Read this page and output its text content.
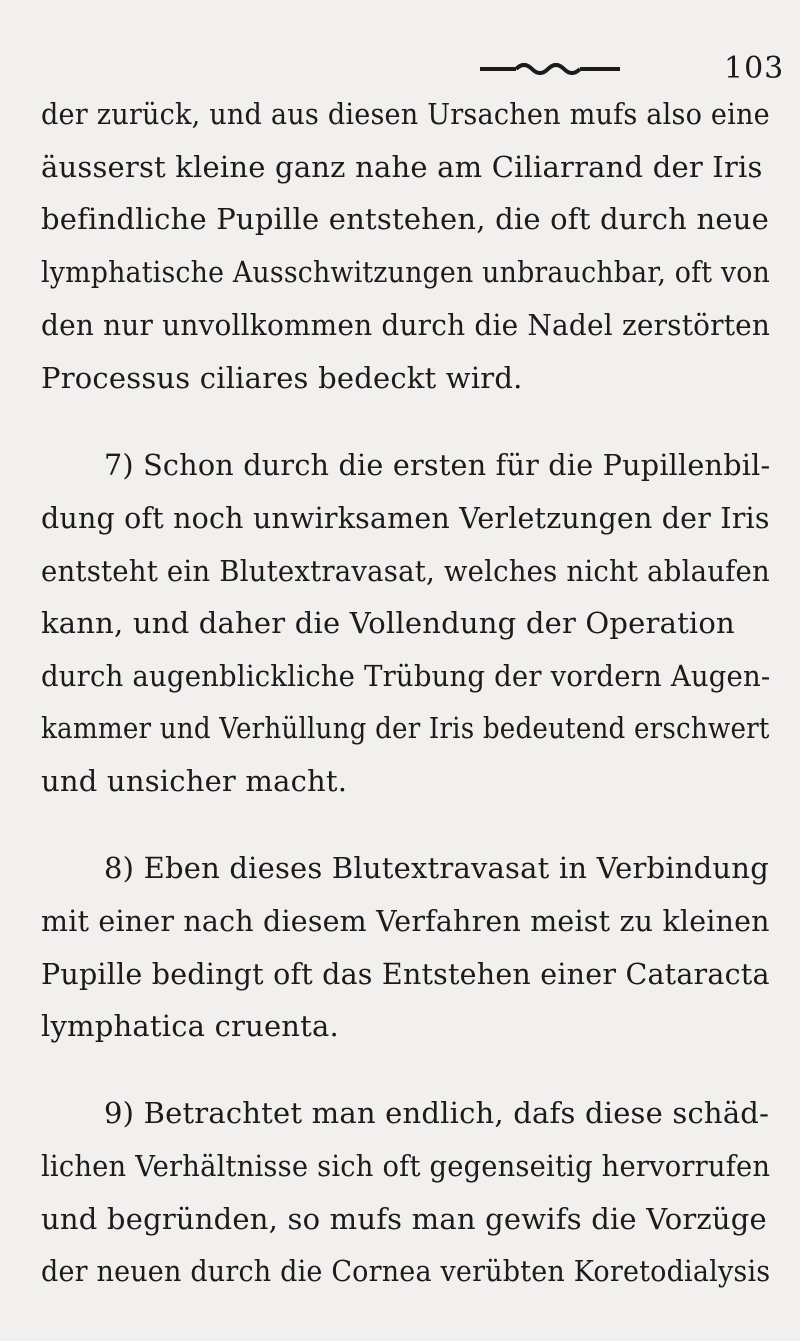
103
der zurück, und aus diesen Ursachen mufs also eine
äusserst kleine ganz nahe am Ciliarrand der Iris
befindliche Pupille entstehen, die oft durch neue
lymphatische Ausschwitzungen unbrauchbar, oft von
den nur unvollkommen durch die Nadel zerstörten
Processus ciliares bedeckt wird.
7) Schon durch die ersten für die Pupillenbil-
dung oft noch unwirksamen Verletzungen der Iris
entsteht ein Blutextravasat, welches nicht ablaufen
kann, und daher die Vollendung der Operation
durch augenblickliche Trübung der vordern Augen-
kammer und Verhüllung der Iris bedeutend erschwert
und unsicher macht.
8) Eben dieses Blutextravasat in Verbindung
mit einer nach diesem Verfahren meist zu kleinen
Pupille bedingt oft das Entstehen einer Cataracta
lymphatica cruenta.
9) Betrachtet man endlich, dafs diese schäd-
lichen Verhältnisse sich oft gegenseitig hervorrufen
und begründen, so mufs man gewifs die Vorzüge
der neuen durch die Cornea verübten Koretodialysis
